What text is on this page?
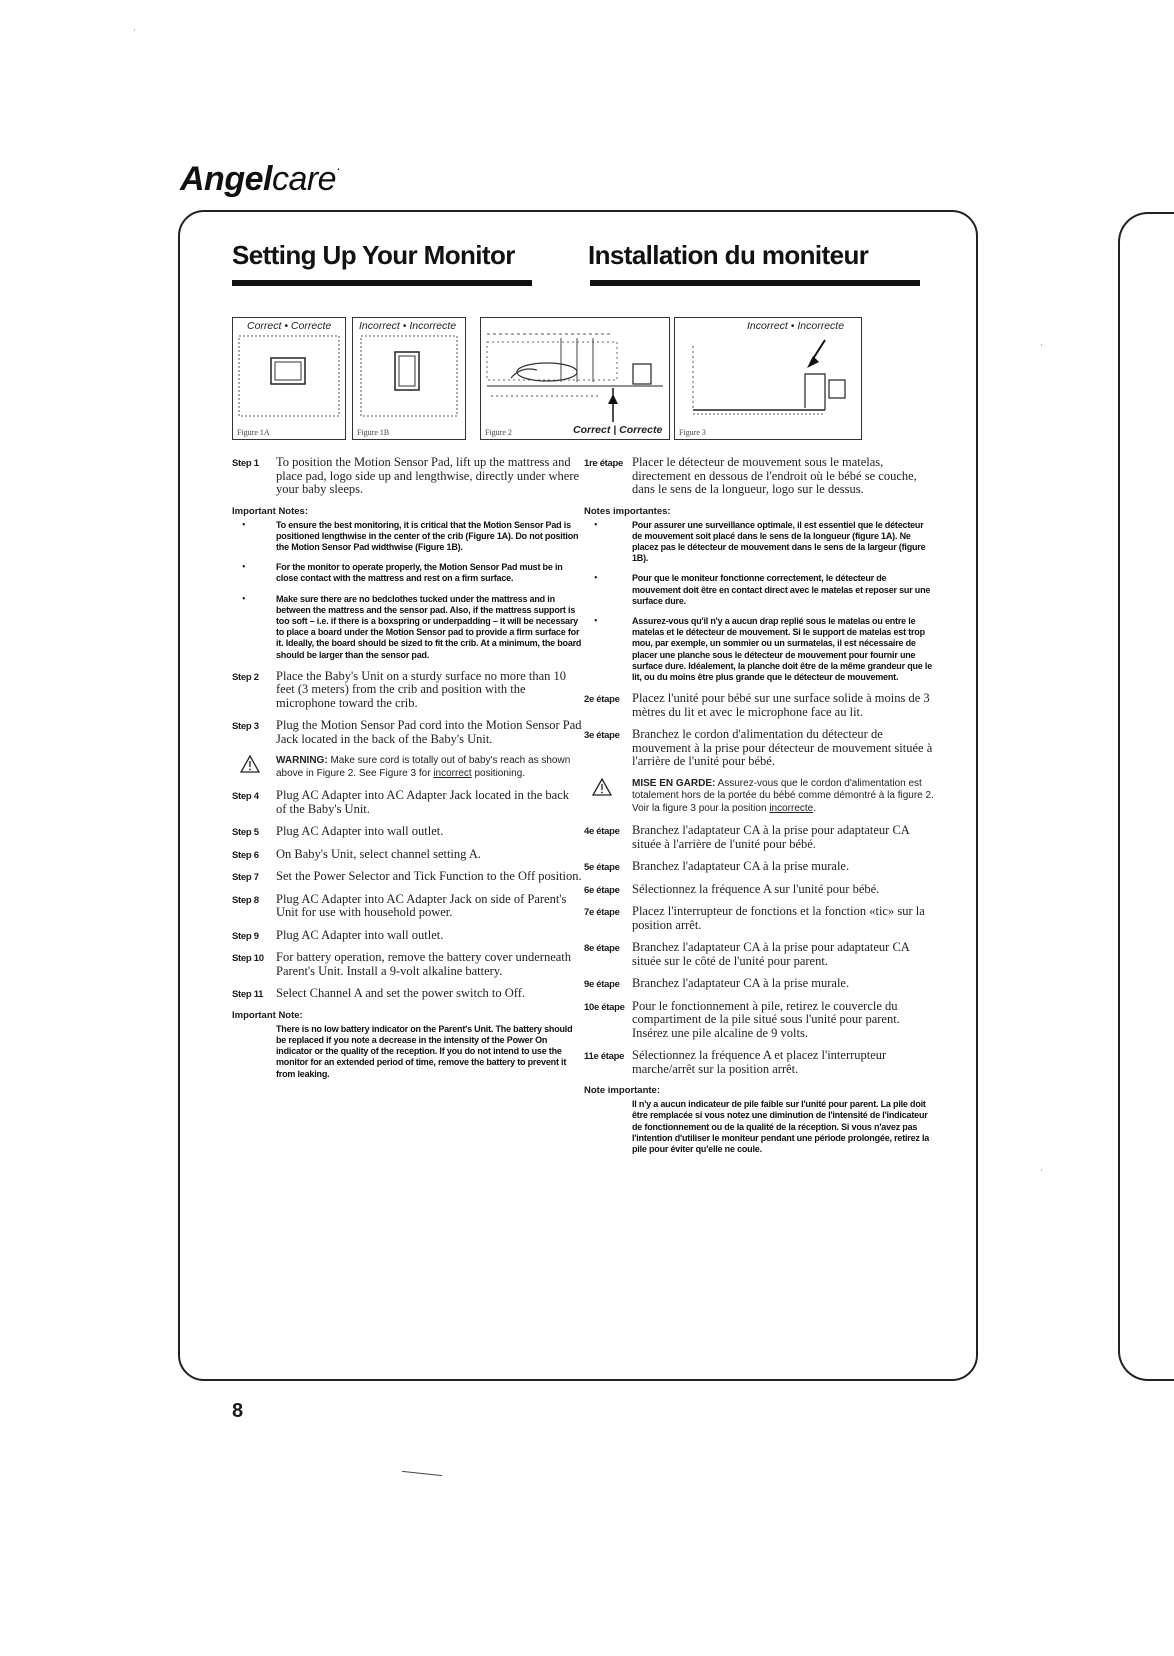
Angelcare·
Setting Up Your Monitor	Installation du moniteur
Correct • Correcte
Figure 1A
Incorrect • Incorrecte
Figure 1B	Correct | Correcte
Figure 2
Incorrect • Incorrecte
Figure 3
Step 1	To position the Motion Sensor Pad, lift up the mattress and place pad, logo side up and lengthwise, directly under where your baby sleeps.
Important Notes:
•	To ensure the best monitoring, it is critical that the Motion Sensor Pad is positioned lengthwise in the center of the crib (Figure 1A). Do not position the Motion Sensor Pad widthwise (Figure 1B).
•	For the monitor to operate properly, the Motion Sensor Pad must be in close contact with the mattress and rest on a firm surface.
•	Make sure there are no bedclothes tucked under the mattress and in between the mattress and the sensor pad. Also, if the mattress support is too soft – i.e. if there is a boxspring or underpadding – it will be necessary to place a board under the Motion Sensor pad to provide a firm surface for it. Ideally, the board should be sized to fit the crib. At a minimum, the board should be larger than the sensor pad.
Step 2	Place the Baby's Unit on a sturdy surface no more than 10 feet (3 meters) from the crib and position with the microphone toward the crib.
Step 3	Plug the Motion Sensor Pad cord into the Motion Sensor Pad Jack located in the back of the Baby's Unit.
WARNING: Make sure cord is totally out of baby's reach as shown above in Figure 2. See Figure 3 for incorrect positioning.
Step 4	Plug AC Adapter into AC Adapter Jack located in the back of the Baby's Unit.
Step 5	Plug AC Adapter into wall outlet.
Step 6	On Baby's Unit, select channel setting A.
Step 7	Set the Power Selector and Tick Function to the Off position.
Step 8	Plug AC Adapter into AC Adapter Jack on side of Parent's Unit for use with household power.
Step 9	Plug AC Adapter into wall outlet.
Step 10 For battery operation, remove the battery cover underneath Parent's Unit. Install a 9-volt alkaline battery.
Step 11	Select Channel A and set the power switch to Off.
Important Note:
There is no low battery indicator on the Parent's Unit. The battery should be replaced if you note a decrease in the intensity of the Power On indicator or the quality of the reception. If you do not intend to use the monitor for an extended period of time, remove the battery to prevent it from leaking.
1re étape Placer le détecteur de mouvement sous le matelas, directement en dessous de l'endroit où le bébé se couche, dans le sens de la longueur, logo sur le dessus.
Notes importantes:
•	Pour assurer une surveillance optimale, il est essentiel que le détecteur de mouvement soit placé dans le sens de la longueur (figure 1A). Ne placez pas le détecteur de mouvement dans le sens de la largeur (figure 1B).
•	Pour que le moniteur fonctionne correctement, le détecteur de mouvement doit être en contact direct avec le matelas et reposer sur une surface dure.
•	Assurez-vous qu'il n'y a aucun drap replié sous le matelas ou entre le matelas et le détecteur de mouvement. Si le support de matelas est trop mou, par exemple, un sommier ou un surmatelas, il est nécessaire de placer une planche sous le détecteur de mouvement pour fournir une surface dure. Idéalement, la planche doit être de la même grandeur que le lit, ou du moins être plus grande que le détecteur de mouvement.
2e étape Placez l'unité pour bébé sur une surface solide à moins de 3 mètres du lit et avec le microphone face au lit.
3e étape Branchez le cordon d'alimentation du détecteur de mouvement à la prise pour détecteur de mouvement située à l'arrière de l'unité pour bébé.
MISE EN GARDE: Assurez-vous que le cordon d'alimentation est totalement hors de la portée du bébé comme démontré à la figure 2. Voir la figure 3 pour la position incorrecte.
4e étape Branchez l'adaptateur CA à la prise pour adaptateur CA située à l'arrière de l'unité pour bébé.
5e étape Branchez l'adaptateur CA à la prise murale.
6e étape Sélectionnez la fréquence A sur l'unité pour bébé.
7e étape Placez l'interrupteur de fonctions et la fonction «tic» sur la position arrêt.
8e étape Branchez l'adaptateur CA à la prise pour adaptateur CA située sur le côté de l'unité pour parent.
9e étape Branchez l'adaptateur CA à la prise murale.
10e étape Pour le fonctionnement à pile, retirez le couvercle du compartiment de la pile situé sous l'unité pour parent. Insérez une pile alcaline de 9 volts.
11e étape Sélectionnez la fréquence A et placez l'interrupteur marche/arrêt sur la position arrêt.
Note importante:
Il n'y a aucun indicateur de pile faible sur l'unité pour parent. La pile doit être remplacée si vous notez une diminution de l'intensité de l'indicateur de fonctionnement ou de la qualité de la réception. Si vous n'avez pas l'intention d'utiliser le moniteur pendant une période prolongée, retirez la pile pour éviter qu'elle ne coule.
8
·
·
·
